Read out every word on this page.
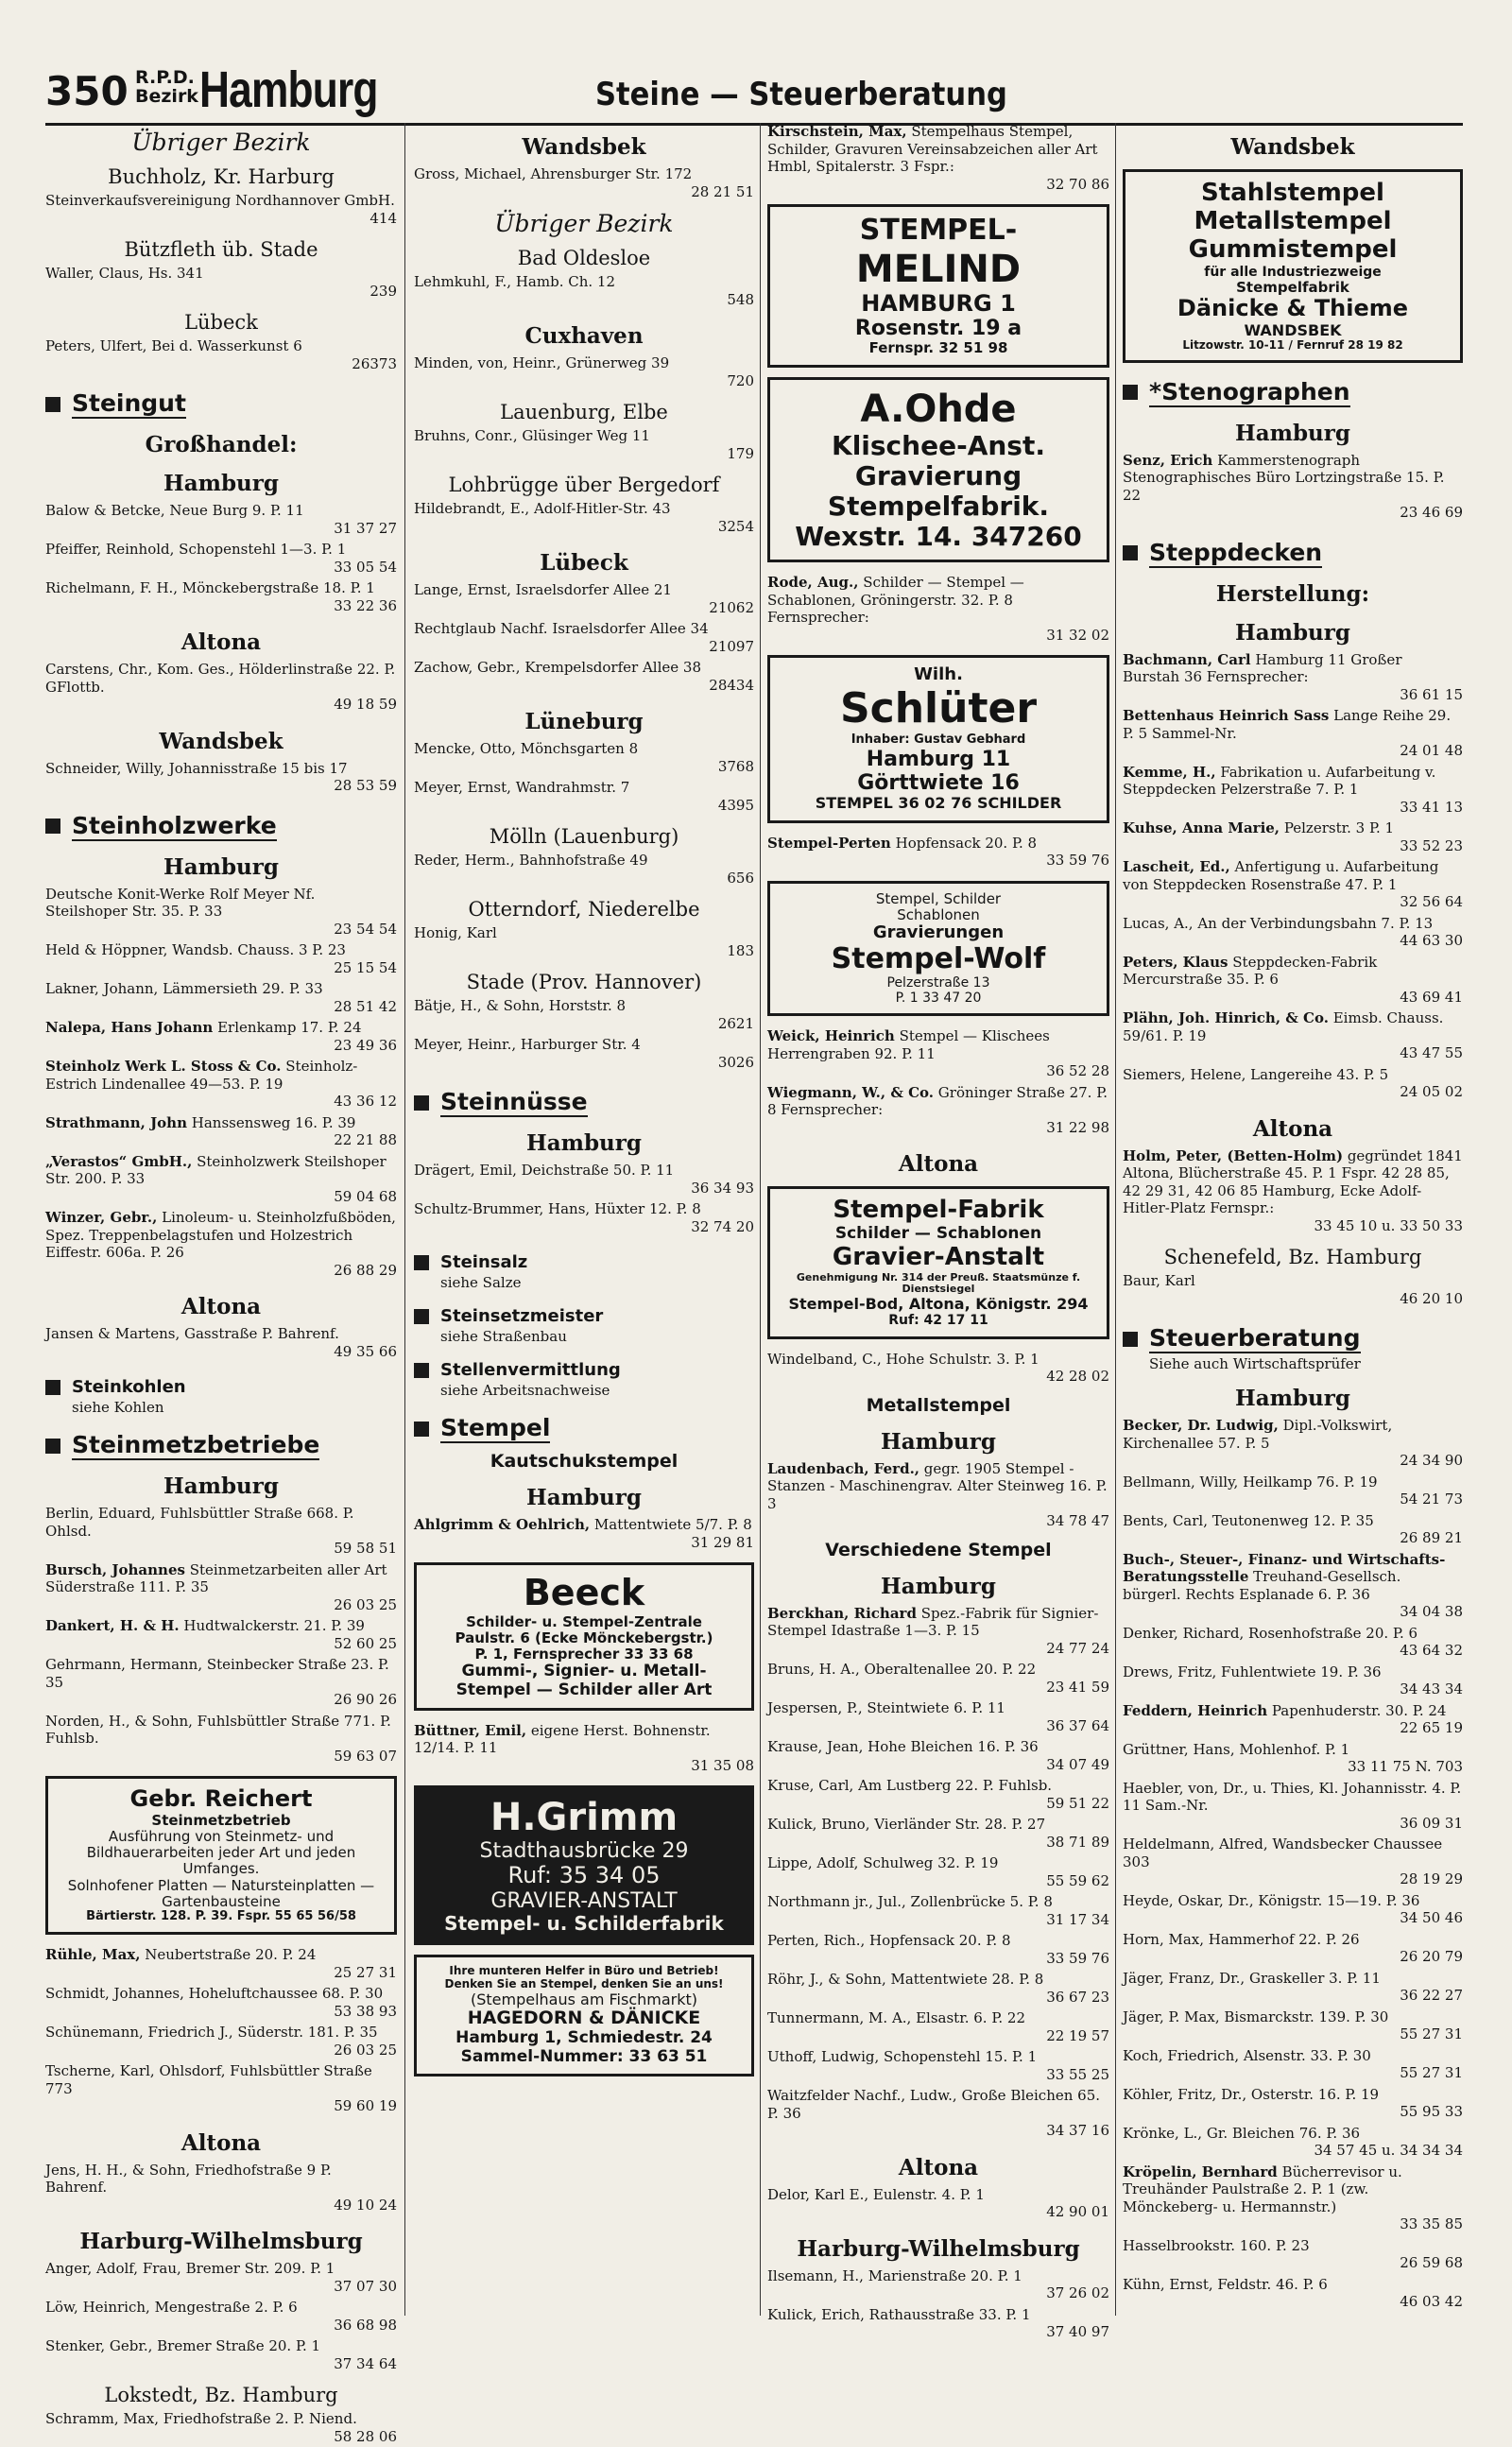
350 R.P.D.
Bezirk Hamburg	Steine — Steuerberatung
Übriger Bezirk
Buchholz, Kr. Harburg
Steinverkaufsvereinigung Nordhannover GmbH.
414
Bützfleth üb. Stade
Waller, Claus, Hs. 341
239
Lübeck
Peters, Ulfert, Bei d. Wasserkunst 6
26373
Steingut
Großhandel:
Hamburg
Balow & Betcke, Neue Burg 9. P. 11
31 37 27
Pfeiffer, Reinhold, Schopenstehl 1—3. P. 1
33 05 54
Richelmann, F. H., Mönckebergstraße 18. P. 1
33 22 36
Altona
Carstens, Chr., Kom. Ges., Hölderlinstraße 22. P. GFlottb.
49 18 59
Wandsbek
Schneider, Willy, Johannisstraße 15 bis 17
28 53 59
Steinholzwerke
Hamburg
Deutsche Konit-Werke Rolf Meyer Nf. Steilshoper Str. 35. P. 33
23 54 54
Held & Höppner, Wandsb. Chauss. 3 P. 23
25 15 54
Lakner, Johann, Lämmersieth 29. P. 33
28 51 42
Nalepa, Hans Johann Erlenkamp 17. P. 24
23 49 36
Steinholz Werk L. Stoss & Co. Steinholz-Estrich Lindenallee 49—53. P. 19
43 36 12
Strathmann, John Hanssensweg 16. P. 39
22 21 88
„Verastos“ GmbH., Steinholzwerk Steilshoper Str. 200. P. 33
59 04 68
Winzer, Gebr., Linoleum- u. Steinholzfußböden, Spez. Treppenbelagstufen und Holzestrich Eiffestr. 606a. P. 26
26 88 29
Altona
Jansen & Martens, Gasstraße P. Bahrenf.
49 35 66
Steinkohlen
siehe Kohlen
Steinmetzbetriebe
Hamburg
Berlin, Eduard, Fuhlsbüttler Straße 668. P. Ohlsd.
59 58 51
Bursch, Johannes Steinmetzarbeiten aller Art Süderstraße 111. P. 35
26 03 25
Dankert, H. & H. Hudtwalckerstr. 21. P. 39
52 60 25
Gehrmann, Hermann, Steinbecker Straße 23. P. 35
26 90 26
Norden, H., & Sohn, Fuhlsbüttler Straße 771. P. Fuhlsb.
59 63 07
Gebr. Reichert
Steinmetzbetrieb
Ausführung von Steinmetz- und Bildhauerarbeiten jeder Art und jeden Umfanges.
Solnhofener Platten — Natursteinplatten — Gartenbausteine
Bärtierstr. 128. P. 39. Fspr. 55 65 56/58
Rühle, Max, Neubertstraße 20. P. 24
25 27 31
Schmidt, Johannes, Hoheluftchaussee 68. P. 30
53 38 93
Schünemann, Friedrich J., Süderstr. 181. P. 35
26 03 25
Tscherne, Karl, Ohlsdorf, Fuhlsbüttler Straße 773
59 60 19
Altona
Jens, H. H., & Sohn, Friedhofstraße 9 P. Bahrenf.
49 10 24
Harburg-Wilhelmsburg
Anger, Adolf, Frau, Bremer Str. 209. P. 1
37 07 30
Löw, Heinrich, Mengestraße 2. P. 6
36 68 98
Stenker, Gebr., Bremer Straße 20. P. 1
37 34 64
Lokstedt, Bz. Hamburg
Schramm, Max, Friedhofstraße 2. P. Niend.
58 28 06
Wandsbek
Gross, Michael, Ahrensburger Str. 172
28 21 51
Übriger Bezirk
Bad Oldesloe
Lehmkuhl, F., Hamb. Ch. 12
548
Cuxhaven
Minden, von, Heinr., Grünerweg 39
720
Lauenburg, Elbe
Bruhns, Conr., Glüsinger Weg 11
179
Lohbrügge über Bergedorf
Hildebrandt, E., Adolf-Hitler-Str. 43
3254
Lübeck
Lange, Ernst, Israelsdorfer Allee 21
21062
Rechtglaub Nachf. Israelsdorfer Allee 34
21097
Zachow, Gebr., Krempelsdorfer Allee 38
28434
Lüneburg
Mencke, Otto, Mönchsgarten 8
3768
Meyer, Ernst, Wandrahmstr. 7
4395
Mölln (Lauenburg)
Reder, Herm., Bahnhofstraße 49
656
Otterndorf, Niederelbe
Honig, Karl
183
Stade (Prov. Hannover)
Bätje, H., & Sohn, Horststr. 8
2621
Meyer, Heinr., Harburger Str. 4
3026
Steinnüsse
Hamburg
Drägert, Emil, Deichstraße 50. P. 11
36 34 93
Schultz-Brummer, Hans, Hüxter 12. P. 8
32 74 20
Steinsalz
siehe Salze
Steinsetzmeister
siehe Straßenbau
Stellenvermittlung
siehe Arbeitsnachweise
Stempel
Kautschukstempel
Hamburg
Ahlgrimm & Oehlrich, Mattentwiete 5/7. P. 8
31 29 81
Beeck
Schilder- u. Stempel-Zentrale
Paulstr. 6 (Ecke Mönckebergstr.)
P. 1, Fernsprecher 33 33 68
Gummi-, Signier- u. Metall-
Stempel — Schilder aller Art
Büttner, Emil, eigene Herst. Bohnenstr. 12/14. P. 11
31 35 08
H.Grimm
Stadthausbrücke 29
Ruf: 35 34 05
GRAVIER-ANSTALT
Stempel- u. Schilderfabrik
Ihre munteren Helfer in Büro und Betrieb!
Denken Sie an Stempel, denken Sie an uns!
(Stempelhaus am Fischmarkt)
HAGEDORN & DÄNICKE
Hamburg 1, Schmiedestr. 24
Sammel-Nummer: 33 63 51
Kirschstein, Max, Stempelhaus Stempel, Schilder, Gravuren Vereinsabzeichen aller Art Hmbl, Spitalerstr. 3 Fspr.:
32 70 86
STEMPEL-
MELIND
HAMBURG 1
Rosenstr. 19 a
Fernspr. 32 51 98
A.Ohde
Klischee-Anst.
Gravierung
Stempelfabrik.
Wexstr. 14. 347260
Rode, Aug., Schilder — Stempel — Schablonen, Gröningerstr. 32. P. 8 Fernsprecher:
31 32 02
Wilh.
Schlüter
Inhaber: Gustav Gebhard
Hamburg 11
Görttwiete 16
STEMPEL 36 02 76 SCHILDER
Stempel-Perten Hopfensack 20. P. 8
33 59 76
Stempel, Schilder
Schablonen
Gravierungen
Stempel-Wolf
Pelzerstraße 13
P. 1 33 47 20
Weick, Heinrich Stempel — Klischees Herrengraben 92. P. 11
36 52 28
Wiegmann, W., & Co. Gröninger Straße 27. P. 8 Fernsprecher:
31 22 98
Altona
Stempel-Fabrik
Schilder — Schablonen
Gravier-Anstalt
Genehmigung Nr. 314 der Preuß. Staatsmünze f. Dienstsiegel
Stempel-Bod, Altona, Königstr. 294
Ruf: 42 17 11
Windelband, C., Hohe Schulstr. 3. P. 1
42 28 02
Metallstempel
Hamburg
Laudenbach, Ferd., gegr. 1905 Stempel - Stanzen - Maschinengrav. Alter Steinweg 16. P. 3
34 78 47
Verschiedene Stempel
Hamburg
Berckhan, Richard Spez.-Fabrik für Signier-Stempel Idastraße 1—3. P. 15
24 77 24
Bruns, H. A., Oberaltenallee 20. P. 22
23 41 59
Jespersen, P., Steintwiete 6. P. 11
36 37 64
Krause, Jean, Hohe Bleichen 16. P. 36
34 07 49
Kruse, Carl, Am Lustberg 22. P. Fuhlsb.
59 51 22
Kulick, Bruno, Vierländer Str. 28. P. 27
38 71 89
Lippe, Adolf, Schulweg 32. P. 19
55 59 62
Northmann jr., Jul., Zollenbrücke 5. P. 8
31 17 34
Perten, Rich., Hopfensack 20. P. 8
33 59 76
Röhr, J., & Sohn, Mattentwiete 28. P. 8
36 67 23
Tunnermann, M. A., Elsastr. 6. P. 22
22 19 57
Uthoff, Ludwig, Schopenstehl 15. P. 1
33 55 25
Waitzfelder Nachf., Ludw., Große Bleichen 65. P. 36
34 37 16
Altona
Delor, Karl E., Eulenstr. 4. P. 1
42 90 01
Harburg-Wilhelmsburg
Ilsemann, H., Marienstraße 20. P. 1
37 26 02
Kulick, Erich, Rathausstraße 33. P. 1
37 40 97
Wandsbek
Stahlstempel
Metallstempel
Gummistempel
für alle Industriezweige
Stempelfabrik
Dänicke & Thieme
WANDSBEK
Litzowstr. 10-11 / Fernruf 28 19 82
*Stenographen
Hamburg
Senz, Erich Kammerstenograph Stenographisches Büro Lortzingstraße 15. P. 22
23 46 69
Steppdecken
Herstellung:
Hamburg
Bachmann, Carl Hamburg 11 Großer Burstah 36 Fernsprecher:
36 61 15
Bettenhaus Heinrich Sass Lange Reihe 29. P. 5 Sammel-Nr.
24 01 48
Kemme, H., Fabrikation u. Aufarbeitung v. Steppdecken Pelzerstraße 7. P. 1
33 41 13
Kuhse, Anna Marie, Pelzerstr. 3 P. 1
33 52 23
Lascheit, Ed., Anfertigung u. Aufarbeitung von Steppdecken Rosenstraße 47. P. 1
32 56 64
Lucas, A., An der Verbindungsbahn 7. P. 13
44 63 30
Peters, Klaus Steppdecken-Fabrik Mercurstraße 35. P. 6
43 69 41
Plähn, Joh. Hinrich, & Co. Eimsb. Chauss. 59/61. P. 19
43 47 55
Siemers, Helene, Langereihe 43. P. 5
24 05 02
Altona
Holm, Peter, (Betten-Holm) gegründet 1841 Altona, Blücherstraße 45. P. 1 Fspr. 42 28 85, 42 29 31, 42 06 85 Hamburg, Ecke Adolf-Hitler-Platz Fernspr.:
33 45 10 u. 33 50 33
Schenefeld, Bz. Hamburg
Baur, Karl
46 20 10
Steuerberatung
Siehe auch Wirtschaftsprüfer
Hamburg
Becker, Dr. Ludwig, Dipl.-Volkswirt, Kirchenallee 57. P. 5
24 34 90
Bellmann, Willy, Heilkamp 76. P. 19
54 21 73
Bents, Carl, Teutonenweg 12. P. 35
26 89 21
Buch-, Steuer-, Finanz- und Wirtschafts-Beratungsstelle Treuhand-Gesellsch. bürgerl. Rechts Esplanade 6. P. 36
34 04 38
Denker, Richard, Rosenhofstraße 20. P. 6
43 64 32
Drews, Fritz, Fuhlentwiete 19. P. 36
34 43 34
Feddern, Heinrich Papenhuderstr. 30. P. 24
22 65 19
Grüttner, Hans, Mohlenhof. P. 1
33 11 75 N. 703
Haebler, von, Dr., u. Thies, Kl. Johannisstr. 4. P. 11 Sam.-Nr.
36 09 31
Heldelmann, Alfred, Wandsbecker Chaussee 303
28 19 29
Heyde, Oskar, Dr., Königstr. 15—19. P. 36
34 50 46
Horn, Max, Hammerhof 22. P. 26
26 20 79
Jäger, Franz, Dr., Graskeller 3. P. 11
36 22 27
Jäger, P. Max, Bismarckstr. 139. P. 30
55 27 31
Koch, Friedrich, Alsenstr. 33. P. 30
55 27 31
Köhler, Fritz, Dr., Osterstr. 16. P. 19
55 95 33
Krönke, L., Gr. Bleichen 76. P. 36
34 57 45 u. 34 34 34
Kröpelin, Bernhard Bücherrevisor u. Treuhänder Paulstraße 2. P. 1 (zw. Mönckeberg- u. Hermannstr.)
33 35 85
Hasselbrookstr. 160. P. 23
26 59 68
Kühn, Ernst, Feldstr. 46. P. 6
46 03 42
